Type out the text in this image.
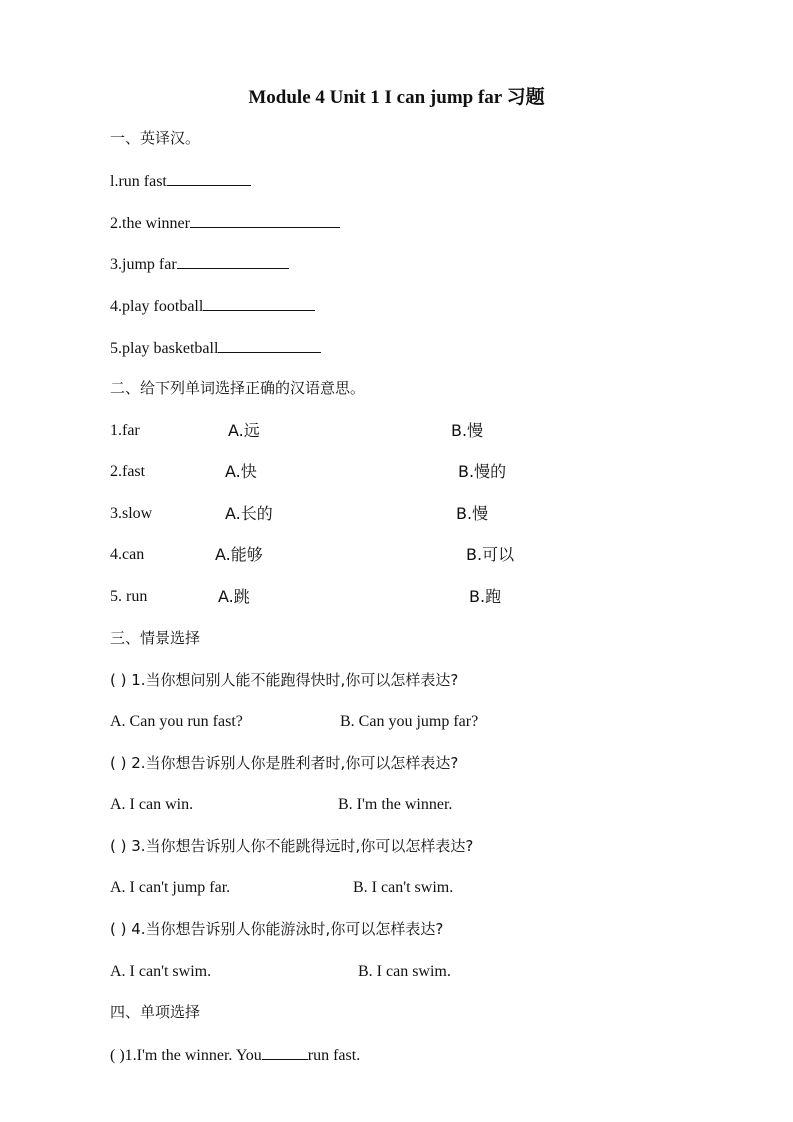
Module 4 Unit 1 I can jump far 习题
一、英译汉。
l.run fast
2.the winner
3.jump far
4.play football
5.play basketball
二、给下列单词选择正确的汉语意思。
1.far	A.远	B.慢
2.fast	A.快	B.慢的
3.slow	A.长的	B.慢
4.can	A.能够	B.可以
5. run	A.跳	B.跑
三、情景选择
( ) 1.当你想问别人能不能跑得快时,你可以怎样表达?
A. Can you run fast?	B. Can you jump far?
( ) 2.当你想告诉别人你是胜利者时,你可以怎样表达?
A. I can win.	B. I'm the winner.
( ) 3.当你想告诉别人你不能跳得远时,你可以怎样表达?
A. I can't jump far.	B. I can't swim.
( ) 4.当你想告诉别人你能游泳时,你可以怎样表达?
A. I can't swim.	B. I can swim.
四、单项选择
( )1.I'm the winner. You	run fast.
